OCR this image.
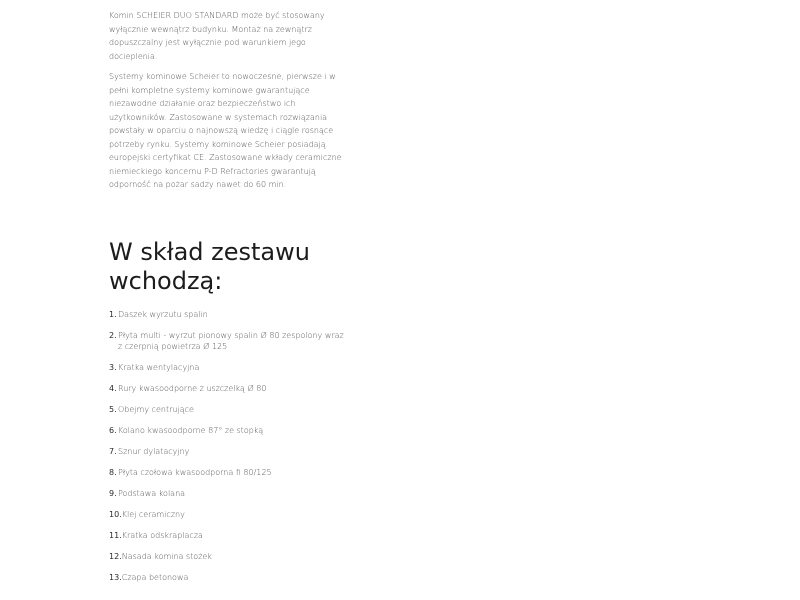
Komin SCHEIER DUO STANDARD może być stosowany wyłącznie wewnątrz budynku. Montaż na zewnątrz dopuszczalny jest wyłącznie pod warunkiem jego docieplenia.

Systemy kominowe Scheier to nowoczesne, pierwsze i w pełni kompletne systemy kominowe gwarantujące niezawodne działanie oraz bezpieczeństwo ich użytkowników. Zastosowane w systemach rozwiązania powstały w oparciu o najnowszą wiedzę i ciągle rosnące potrzeby rynku. Systemy kominowe Scheier posiadają europejski certyfikat CE. Zastosowane wkłady ceramiczne niemieckiego koncernu P-D Refractories gwarantują odporność na pożar sadzy nawet do 60 min.

W skład zestawu wchodzą:
1. Daszek wyrzutu spalin
2. Płyta multi - wyrzut pionowy spalin Ø 80 zespolony wraz z czerpnią powietrza Ø 125
3. Kratka wentylacyjna
4. Rury kwasoodporne z uszczelką Ø 80
5. Obejmy centrujące
6. Kolano kwasoodporne 87° ze stopką
7. Sznur dylatacyjny
8. Płyta czołowa kwasoodporna fi 80/125
9. Podstawa kolana
10. Klej ceramiczny
11. Kratka odskraplacza
12. Nasada komina stożek
13. Czapa betonowa
